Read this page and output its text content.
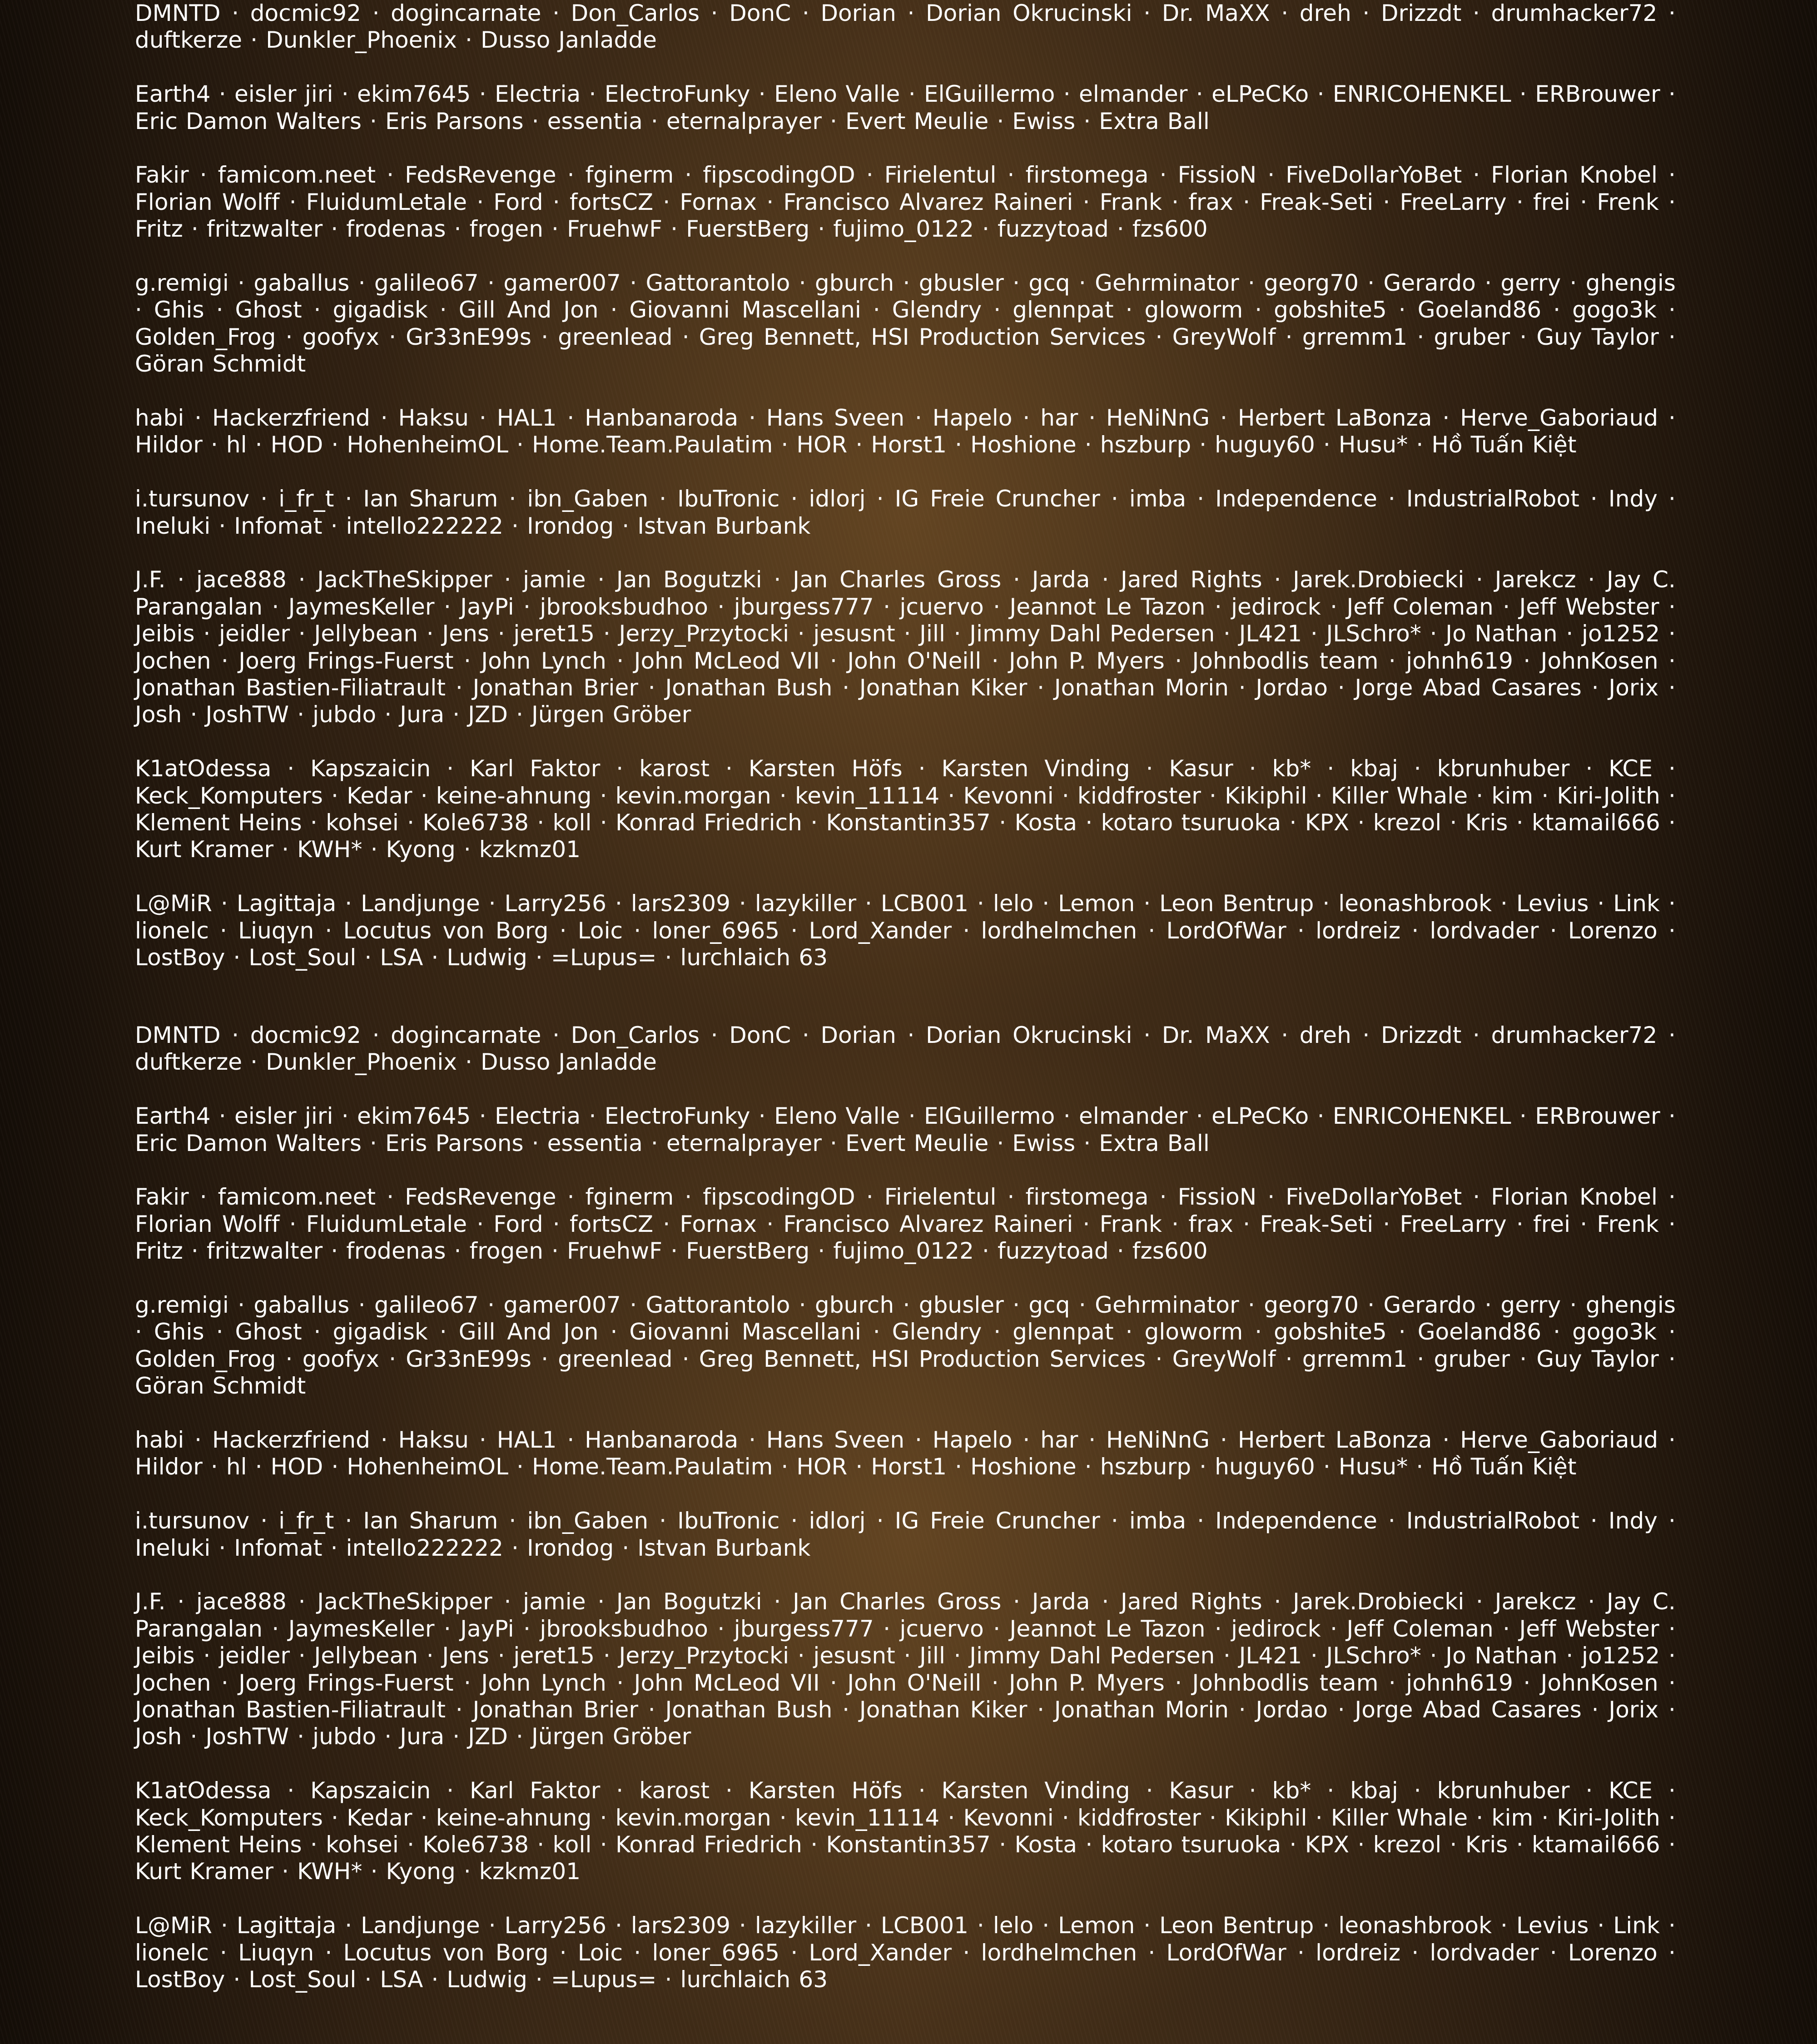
DMNTD · docmic92 · dogincarnate · Don_Carlos · DonC · Dorian · Dorian Okrucinski · Dr. MaXX · dreh · Drizzdt · drumhacker72 · duftkerze · Dunkler_Phoenix · Dusso Janladde

Earth4 · eisler jiri · ekim7645 · Electria · ElectroFunky · Eleno Valle · ElGuillermo · elmander · eLPeCKo · ENRICOHENKEL · ERBrouwer · Eric Damon Walters · Eris Parsons · essentia · eternalprayer · Evert Meulie · Ewiss · Extra Ball

Fakir · famicom.neet · FedsRevenge · fginerm · fipscodingOD · Firielentul · firstomega · FissioN · FiveDollarYoBet · Florian Knobel · Florian Wolff · FluidumLetale · Ford · fortsCZ · Fornax · Francisco Alvarez Raineri · Frank · frax · Freak-Seti · FreeLarry · frei · Frenk · Fritz · fritzwalter · frodenas · frogen · FruehwF · FuerstBerg · fujimo_0122 · fuzzytoad · fzs600

g.remigi · gaballus · galileo67 · gamer007 · Gattorantolo · gburch · gbusler · gcq · Gehrminator · georg70 · Gerardo · gerry · ghengis · Ghis · Ghost · gigadisk · Gill And Jon · Giovanni Mascellani · Glendry · glennpat · gloworm · gobshite5 · Goeland86 · gogo3k · Golden_Frog · goofyx · Gr33nE99s · greenlead · Greg Bennett, HSI Production Services · GreyWolf · grremm1 · gruber · Guy Taylor · Göran Schmidt

habi · Hackerzfriend · Haksu · HAL1 · Hanbanaroda · Hans Sveen · Hapelo · har · HeNiNnG · Herbert LaBonza · Herve_Gaboriaud · Hildor · hl · HOD · HohenheimOL · Home.Team.Paulatim · HOR · Horst1 · Hoshione · hszburp · huguy60 · Husu* · Hồ Tuấn Kiệt

i.tursunov · i_fr_t · Ian Sharum · ibn_Gaben · IbuTronic · idlorj · IG Freie Cruncher · imba · Independence · IndustrialRobot · Indy · Ineluki · Infomat · intello222222 · Irondog · Istvan Burbank

J.F. · jace888 · JackTheSkipper · jamie · Jan Bogutzki · Jan Charles Gross · Jarda · Jared Rights · Jarek.Drobiecki · Jarekcz · Jay C. Parangalan · JaymesKeller · JayPi · jbrooksbudhoo · jburgess777 · jcuervo · Jeannot Le Tazon · jedirock · Jeff Coleman · Jeff Webster · Jeibis · jeidler · Jellybean · Jens · jeret15 · Jerzy_Przytocki · jesusnt · Jill · Jimmy Dahl Pedersen · JL421 · JLSchro* · Jo Nathan · jo1252 · Jochen · Joerg Frings-Fuerst · John Lynch · John McLeod VII · John O'Neill · John P. Myers · Johnbodlis team · johnh619 · JohnKosen · Jonathan Bastien-Filiatrault · Jonathan Brier · Jonathan Bush · Jonathan Kiker · Jonathan Morin · Jordao · Jorge Abad Casares · Jorix · Josh · JoshTW · jubdo · Jura · JZD · Jürgen Gröber

K1atOdessa · Kapszaicin · Karl Faktor · karost · Karsten Höfs · Karsten Vinding · Kasur · kb* · kbaj · kbrunhuber · KCE · Keck_Komputers · Kedar · keine-ahnung · kevin.morgan · kevin_11114 · Kevonni · kiddfroster · Kikiphil · Killer Whale · kim · Kiri-Jolith · Klement Heins · kohsei · Kole6738 · koll · Konrad Friedrich · Konstantin357 · Kosta · kotaro tsuruoka · KPX · krezol · Kris · ktamail666 · Kurt Kramer · KWH* · Kyong · kzkmz01

L@MiR · Lagittaja · Landjunge · Larry256 · lars2309 · lazykiller · LCB001 · lelo · Lemon · Leon Bentrup · leonashbrook · Levius · Link · lionelc · Liuqyn · Locutus von Borg · Loic · loner_6965 · Lord_Xander · lordhelmchen · LordOfWar · lordreiz · lordvader · Lorenzo · LostBoy · Lost_Soul · LSA · Ludwig · =Lupus= · lurchlaich 63

DMNTD · docmic92 · dogincarnate · Don_Carlos · DonC · Dorian · Dorian Okrucinski · Dr. MaXX · dreh · Drizzdt · drumhacker72 · duftkerze · Dunkler_Phoenix · Dusso Janladde

Earth4 · eisler jiri · ekim7645 · Electria · ElectroFunky · Eleno Valle · ElGuillermo · elmander · eLPeCKo · ENRICOHENKEL · ERBrouwer · Eric Damon Walters · Eris Parsons · essentia · eternalprayer · Evert Meulie · Ewiss · Extra Ball

Fakir · famicom.neet · FedsRevenge · fginerm · fipscodingOD · Firielentul · firstomega · FissioN · FiveDollarYoBet · Florian Knobel · Florian Wolff · FluidumLetale · Ford · fortsCZ · Fornax · Francisco Alvarez Raineri · Frank · frax · Freak-Seti · FreeLarry · frei · Frenk · Fritz · fritzwalter · frodenas · frogen · FruehwF · FuerstBerg · fujimo_0122 · fuzzytoad · fzs600

g.remigi · gaballus · galileo67 · gamer007 · Gattorantolo · gburch · gbusler · gcq · Gehrminator · georg70 · Gerardo · gerry · ghengis · Ghis · Ghost · gigadisk · Gill And Jon · Giovanni Mascellani · Glendry · glennpat · gloworm · gobshite5 · Goeland86 · gogo3k · Golden_Frog · goofyx · Gr33nE99s · greenlead · Greg Bennett, HSI Production Services · GreyWolf · grremm1 · gruber · Guy Taylor · Göran Schmidt

habi · Hackerzfriend · Haksu · HAL1 · Hanbanaroda · Hans Sveen · Hapelo · har · HeNiNnG · Herbert LaBonza · Herve_Gaboriaud · Hildor · hl · HOD · HohenheimOL · Home.Team.Paulatim · HOR · Horst1 · Hoshione · hszburp · huguy60 · Husu* · Hồ Tuấn Kiệt

i.tursunov · i_fr_t · Ian Sharum · ibn_Gaben · IbuTronic · idlorj · IG Freie Cruncher · imba · Independence · IndustrialRobot · Indy · Ineluki · Infomat · intello222222 · Irondog · Istvan Burbank

J.F. · jace888 · JackTheSkipper · jamie · Jan Bogutzki · Jan Charles Gross · Jarda · Jared Rights · Jarek.Drobiecki · Jarekcz · Jay C. Parangalan · JaymesKeller · JayPi · jbrooksbudhoo · jburgess777 · jcuervo · Jeannot Le Tazon · jedirock · Jeff Coleman · Jeff Webster · Jeibis · jeidler · Jellybean · Jens · jeret15 · Jerzy_Przytocki · jesusnt · Jill · Jimmy Dahl Pedersen · JL421 · JLSchro* · Jo Nathan · jo1252 · Jochen · Joerg Frings-Fuerst · John Lynch · John McLeod VII · John O'Neill · John P. Myers · Johnbodlis team · johnh619 · JohnKosen · Jonathan Bastien-Filiatrault · Jonathan Brier · Jonathan Bush · Jonathan Kiker · Jonathan Morin · Jordao · Jorge Abad Casares · Jorix · Josh · JoshTW · jubdo · Jura · JZD · Jürgen Gröber

K1atOdessa · Kapszaicin · Karl Faktor · karost · Karsten Höfs · Karsten Vinding · Kasur · kb* · kbaj · kbrunhuber · KCE · Keck_Komputers · Kedar · keine-ahnung · kevin.morgan · kevin_11114 · Kevonni · kiddfroster · Kikiphil · Killer Whale · kim · Kiri-Jolith · Klement Heins · kohsei · Kole6738 · koll · Konrad Friedrich · Konstantin357 · Kosta · kotaro tsuruoka · KPX · krezol · Kris · ktamail666 · Kurt Kramer · KWH* · Kyong · kzkmz01

L@MiR · Lagittaja · Landjunge · Larry256 · lars2309 · lazykiller · LCB001 · lelo · Lemon · Leon Bentrup · leonashbrook · Levius · Link · lionelc · Liuqyn · Locutus von Borg · Loic · loner_6965 · Lord_Xander · lordhelmchen · LordOfWar · lordreiz · lordvader · Lorenzo · LostBoy · Lost_Soul · LSA · Ludwig · =Lupus= · lurchlaich 63
